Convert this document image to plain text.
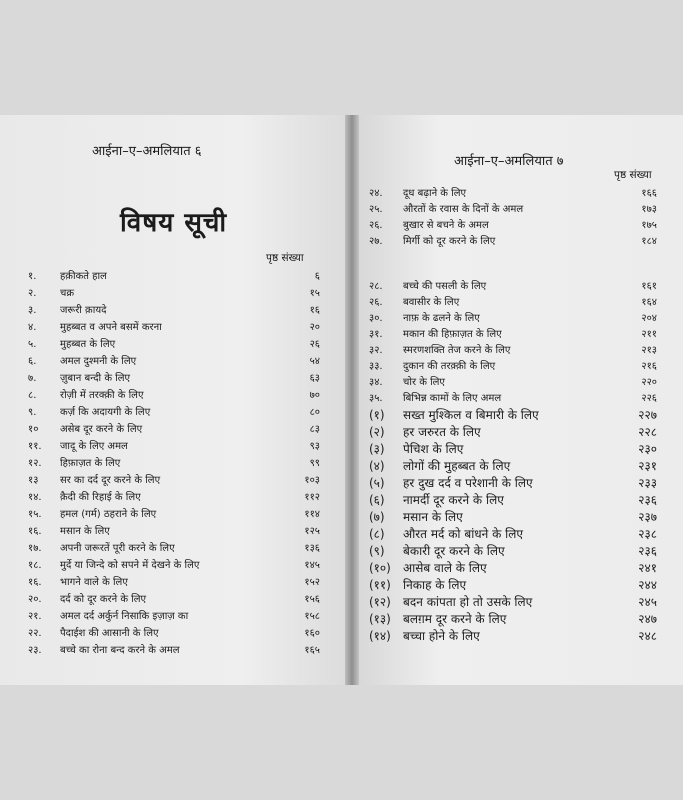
आईना–ए–अमलियात ६
विषय सूची
पृष्ठ संख्या
१. हक़ीकते हाल	६
२. चक्र	१५
३. जरूरी क़ायदे	१६
४. मुहब्बत व अपने बसमें करना	२०
५. मुहब्बत के लिए	२६
६. अमल दुश्मनी के लिए	५४
७. ज़ुबान बन्दी के लिए	६३
८. रोज़ी में तरक्क़ी के लिए	७०
९. कर्ज़ कि अदायगी के लिए	८०
१० असेब दूर करने के लिए	८३
११. जादू के लिए अमल	९३
१२. हिफ़ाज़त के लिए	९९
१३ सर का दर्द दूर करने के लिए	१०३
१४. क़ैदी की रिहाई के लिए	११२
१५. हमल (गर्म) ठहराने के लिए	११४
१६. मसान के लिए	१२५
१७. अपनी जरूरतें पूरी करने के लिए	१३६
१८. मुर्दे या जिन्दे को सपने में देखने के लिए	१४५
१६. भागने वाले के लिए	१५२
२०. दर्द को दूर करने के लिए	१५६
२१. अमल दर्द अर्कुर्न निसाकि इज़ाज़ का	१५८
२२. पैदाईश की आसानी के लिए	१६०
२३. बच्चे का रोना बन्द करने के अमल	१६५
आईना–ए–अमलियात ७
पृष्ठ संख्या
२४. दूध बढ़ाने के लिए	१६६
२५. औरतों के रवास के दिनों के अमल	१७३
२६. बुखार से बचने के अमल	१७५
२७. मिर्गी को दूर करने के लिए	१८४
२८. बच्चे की पसली के लिए	१६१
२६. बवासीर के लिए	१६४
३०. नाफ़ के ढलने के लिए	२०४
३१. मकान की हिफ़ाज़त के लिए	२११
३२. स्मरणशक्ति तेज करने के लिए	२१३
३३. दुकान की तरक़्क़ी के लिए	२१६
३४. चोर के लिए	२२०
३५. बिभिन्न कामों के लिए अमल	२२६
(१) सख्त मुश्किल व बिमारी के लिए	२२७
(२) हर जरुरत के लिए	२२८
(३) पेचिश के लिए	२३०
(४) लोगों की मुहब्बत के लिए	२३१
(५) हर दुख दर्द व परेशानी के लिए	२३३
(६) नामर्दी दूर करने के लिए	२३६
(७) मसान के लिए	२३७
(८) औरत मर्द को बांधने के लिए	२३८
(९) बेकारी दूर करने के लिए	२३६
(१०) आसेब वाले के लिए	२४१
(११) निकाह के लिए	२४४
(१२) बदन कांपता हो तो उसके लिए	२४५
(१३) बलग़म दूर करने के लिए	२४७
(१४) बच्चा होने के लिए	२४८
